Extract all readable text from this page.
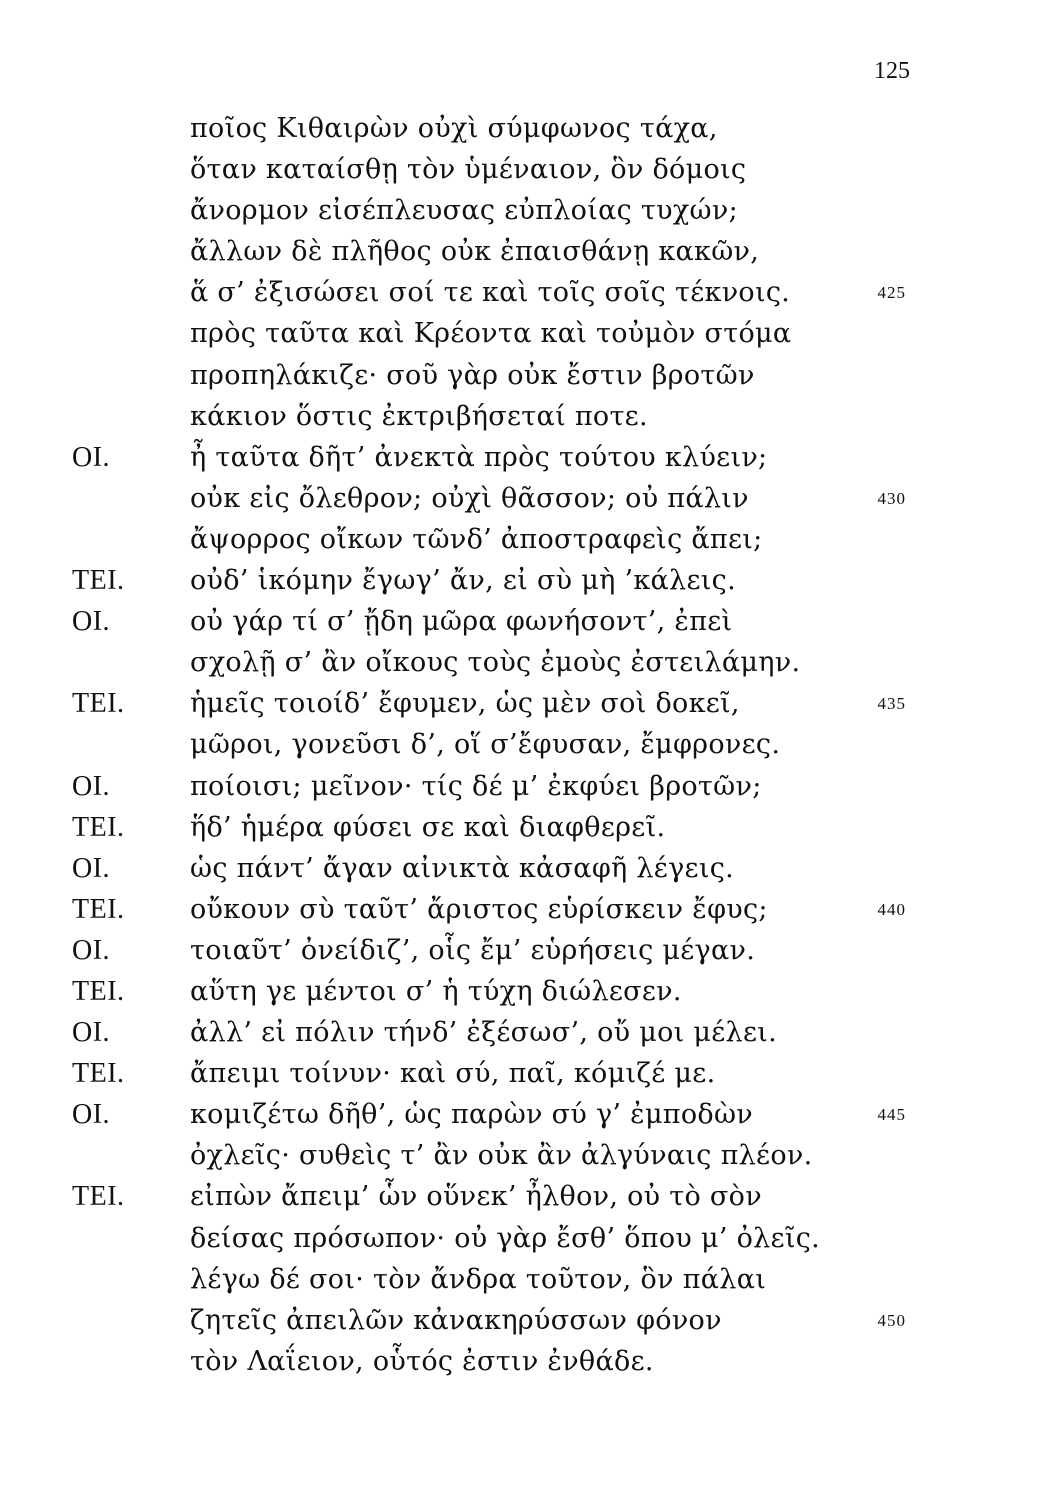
125
ποῖος Κιθαιρὼν οὐχὶ σύμφωνος τάχα,
ὅταν καταίσθῃ τὸν ὑμέναιον, ὃν δόμοις
ἄνορμον εἰσέπλευσας εὐπλοίας τυχών;
ἄλλων δὲ πλῆθος οὐκ ἐπαισθάνῃ κακῶν,
ἅ σ’ ἐξισώσει σοί τε καὶ τοῖς σοῖς τέκνοις.	425
πρὸς ταῦτα καὶ Κρέοντα καὶ τοὐμὸν στόμα
προπηλάκιζε· σοῦ γὰρ οὐκ ἔστιν βροτῶν
κάκιον ὅστις ἐκτριβήσεταί ποτε.
ΟΙ.	ἦ ταῦτα δῆτ’ ἀνεκτὰ πρὸς τούτου κλύειν;
οὐκ εἰς ὄλεθρον; οὐχὶ θᾶσσον; οὐ πάλιν	430
ἄψορρος οἴκων τῶνδ’ ἀποστραφεὶς ἄπει;
ΤΕΙ. οὐδ’ ἱκόμην ἔγωγ’ ἄν, εἰ σὺ μὴ ’κάλεις.
ΟΙ.	οὐ γάρ τί σ’ ᾔδη μῶρα φωνήσοντ’, ἐπεὶ
σχολῇ σ’ ἂν οἴκους τοὺς ἐμοὺς ἐστειλάμην.
ΤΕΙ. ἡμεῖς τοιοίδ’ ἔφυμεν, ὡς μὲν σοὶ δοκεῖ,	435
μῶροι, γονεῦσι δ’, οἵ σ’ἔφυσαν, ἔμφρονες.
ΟΙ.	ποίοισι; μεῖνον· τίς δέ μ’ ἐκφύει βροτῶν;
ΤΕΙ. ἥδ’ ἡμέρα φύσει σε καὶ διαφθερεῖ.
ΟΙ.	ὡς πάντ’ ἄγαν αἰνικτὰ κἀσαφῆ λέγεις.
ΤΕΙ. οὔκουν σὺ ταῦτ’ ἄριστος εὑρίσκειν ἔφυς;	440
ΟΙ.	τοιαῦτ’ ὀνείδιζ’, οἷς ἔμ’ εὑρήσεις μέγαν.
ΤΕΙ. αὕτη γε μέντοι σ’ ἡ τύχη διώλεσεν.
ΟΙ.	ἀλλ’ εἰ πόλιν τήνδ’ ἐξέσωσ’, οὔ μοι μέλει.
ΤΕΙ. ἄπειμι τοίνυν· καὶ σύ, παῖ, κόμιζέ με.
ΟΙ.	κομιζέτω δῆθ’, ὡς παρὼν σύ γ’ ἐμποδὼν	445
ὀχλεῖς· συθεὶς τ’ ἂν οὐκ ἂν ἀλγύναις πλέον.
ΤΕΙ. εἰπὼν ἄπειμ’ ὧν οὕνεκ’ ἦλθον, οὐ τὸ σὸν
δείσας πρόσωπον· οὐ γὰρ ἔσθ’ ὅπου μ’ ὀλεῖς.
λέγω δέ σοι· τὸν ἄνδρα τοῦτον, ὃν πάλαι
ζητεῖς ἀπειλῶν κἀνακηρύσσων φόνον	450
τὸν Λαΐειον, οὗτός ἐστιν ἐνθάδε.
